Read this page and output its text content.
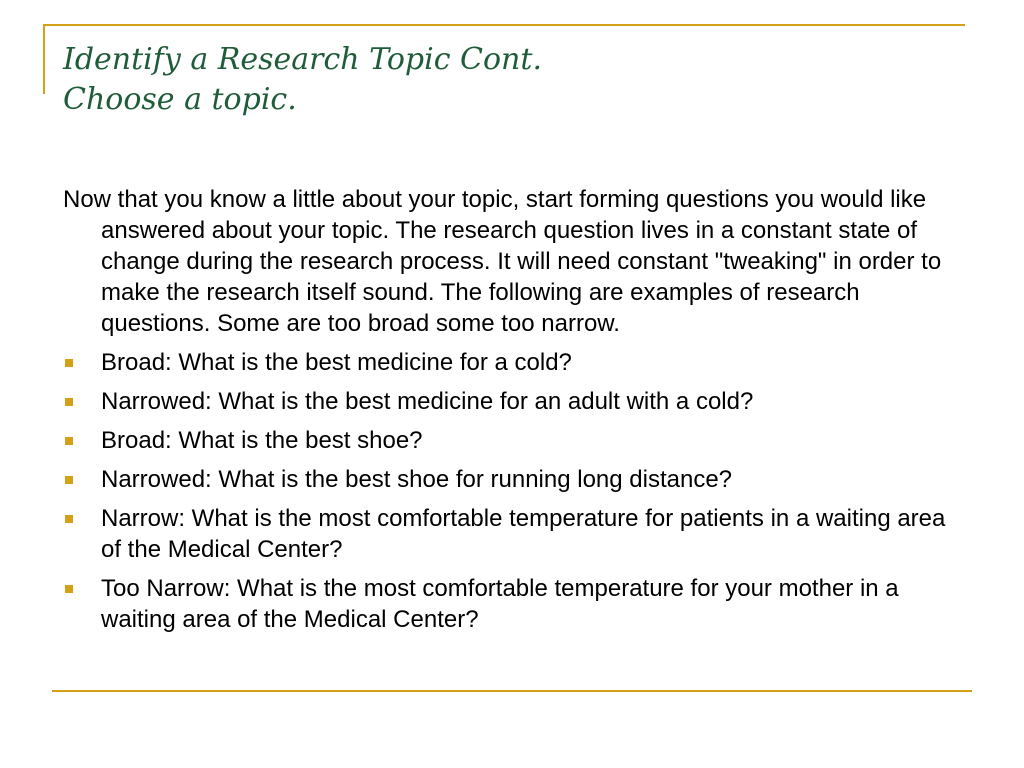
Identify a Research Topic Cont.
Choose a topic.

Now that you know a little about your topic, start forming questions you would like answered about your topic. The research question lives in a constant state of change during the research process. It will need constant "tweaking" in order to make the research itself sound. The following are examples of research questions. Some are too broad some too narrow.

Broad: What is the best medicine for a cold?
Narrowed: What is the best medicine for an adult with a cold?
Broad: What is the best shoe?
Narrowed: What is the best shoe for running long distance?
Narrow: What is the most comfortable temperature for patients in a waiting area of the Medical Center?
Too Narrow: What is the most comfortable temperature for your mother in a waiting area of the Medical Center?
